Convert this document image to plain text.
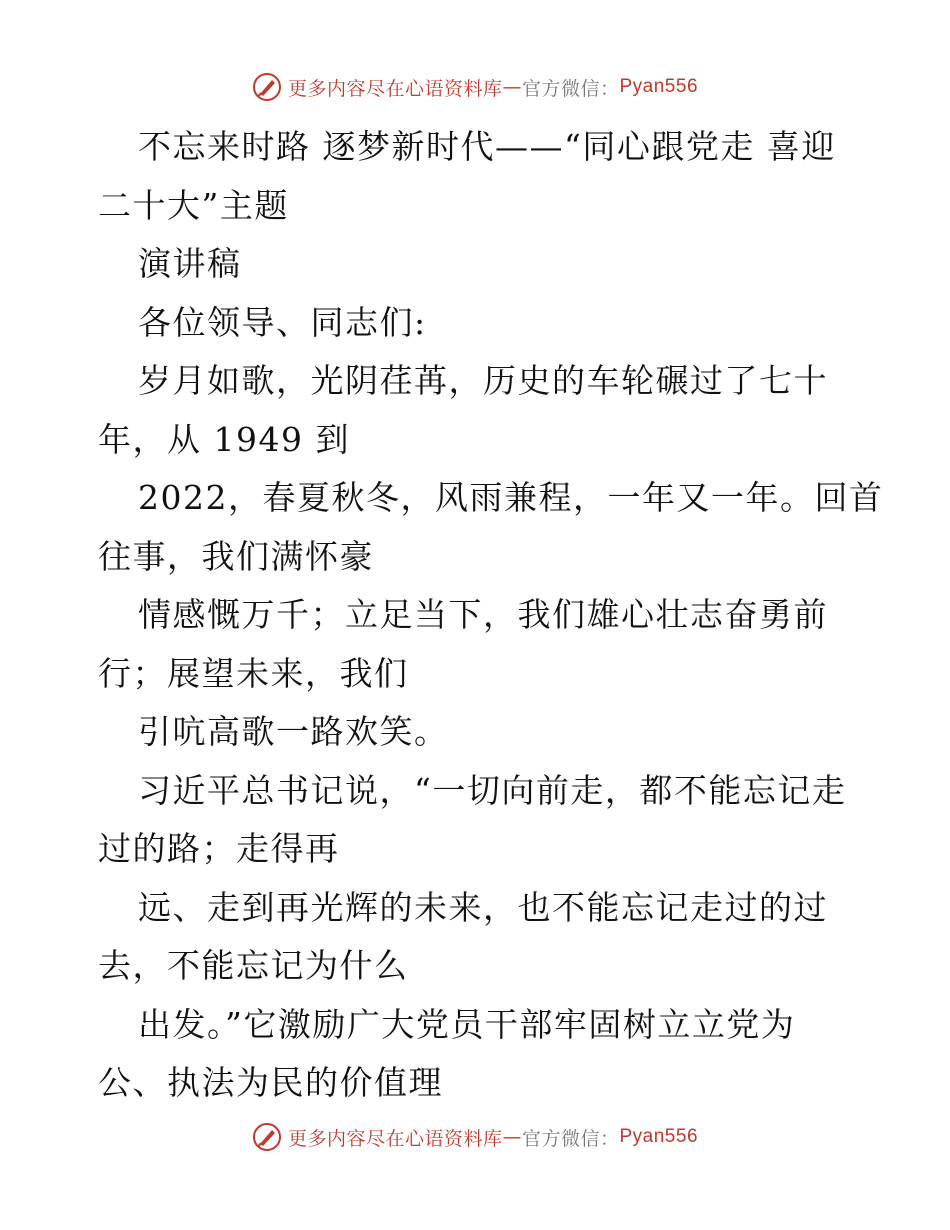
更多内容尽在心语资料库 — 官方微信： Pyan556
不忘来时路 逐梦新时代——“同心跟党走 喜迎
二十大”主题
演讲稿
各位领导、同志们:
岁月如歌，光阴荏苒，历史的车轮碾过了七十
年，从 1949 到
2022，春夏秋冬，风雨兼程，一年又一年。回首
往事，我们满怀豪
情感慨万千；立足当下，我们雄心壮志奋勇前
行；展望未来，我们
引吭高歌一路欢笑。
习近平总书记说，“一切向前走，都不能忘记走
过的路；走得再
远、走到再光辉的未来，也不能忘记走过的过
去，不能忘记为什么
出发。”它激励广大党员干部牢固树立立党为
公、执法为民的价值理
更多内容尽在心语资料库 — 官方微信： Pyan556
